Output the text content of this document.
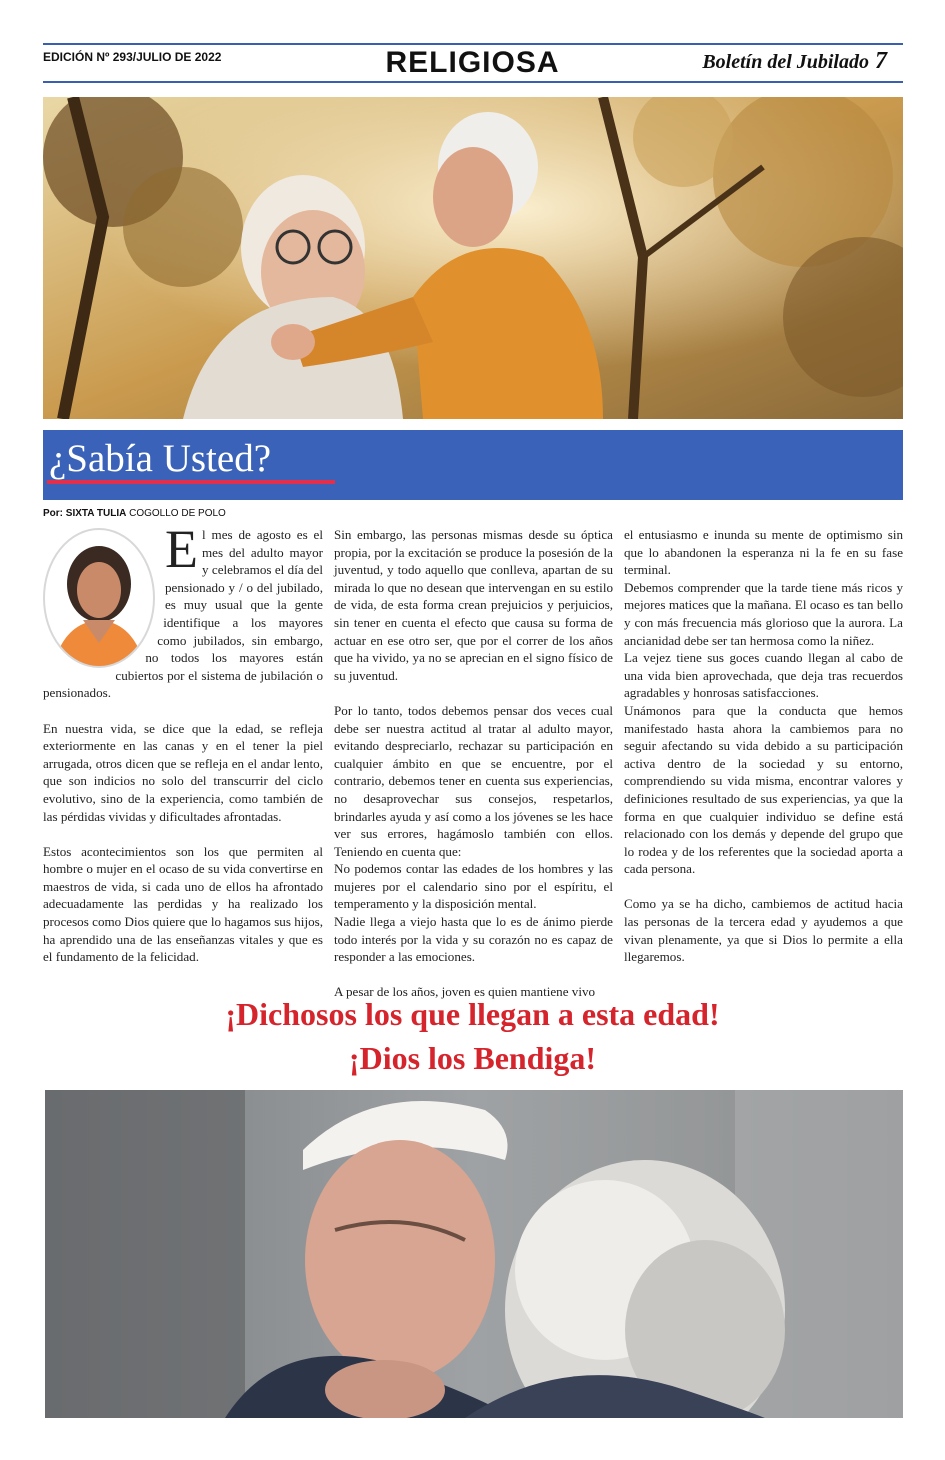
EDICIÓN Nº 293/JULIO DE 2022	RELIGIOSA	Boletín del Jubilado 7
¿Sabía Usted?
Por: SIXTA TULIA COGOLLO DE POLO

El mes de agosto es el mes del adulto mayor y celebramos el día del pensionado y / o del jubilado, es muy usual que la gente identifique a los mayores como jubilados, sin embargo, no todos los mayores están cubiertos por el sistema de jubilación o pensionados.

En nuestra vida, se dice que la edad, se refleja exteriormente en las canas y en el tener la piel arrugada, otros dicen que se refleja en el andar lento, que son indicios no solo del transcurrir del ciclo evolutivo, sino de la experiencia, como también de las pérdidas vividas y dificultades afrontadas.

Estos acontecimientos son los que permiten al hombre o mujer en el ocaso de su vida convertirse en maestros de vida, si cada uno de ellos ha afrontado adecuadamente las perdidas y ha realizado los procesos como Dios quiere que lo hagamos sus hijos, ha aprendido una de las enseñanzas vitales y que es el fundamento de la felicidad.

Sin embargo, las personas mismas desde su óptica propia, por la excitación se produce la posesión de la juventud, y todo aquello que conlleva, apartan de su mirada lo que no desean que intervengan en su estilo de vida, de esta forma crean prejuicios y perjuicios, sin tener en cuenta el efecto que causa su forma de actuar en ese otro ser, que por el correr de los años que ha vivido, ya no se aprecian en el signo físico de su juventud.

Por lo tanto, todos debemos pensar dos veces cual debe ser nuestra actitud al tratar al adulto mayor, evitando despreciarlo, rechazar su participación en cualquier ámbito en que se encuentre, por el contrario, debemos tener en cuenta sus experiencias, no desaprovechar sus consejos, respetarlos, brindarles ayuda y así como a los jóvenes se les hace ver sus errores, hagámoslo también con ellos. Teniendo en cuenta que:

No podemos contar las edades de los hombres y las mujeres por el calendario sino por el espíritu, el temperamento y la disposición mental.

Nadie llega a viejo hasta que lo es de ánimo pierde todo interés por la vida y su corazón no es capaz de responder a las emociones.

A pesar de los años, joven es quien mantiene vivo

el entusiasmo e inunda su mente de optimismo sin que lo abandonen la esperanza ni la fe en su fase terminal.

Debemos comprender que la tarde tiene más ricos y mejores matices que la mañana. El ocaso es tan bello y con más frecuencia más glorioso que la aurora. La ancianidad debe ser tan hermosa como la niñez.

La vejez tiene sus goces cuando llegan al cabo de una vida bien aprovechada, que deja tras recuerdos agradables y honrosas satisfacciones.

Unámonos para que la conducta que hemos manifestado hasta ahora la cambiemos para no seguir afectando su vida debido a su participación activa dentro de la sociedad y su entorno, comprendiendo su vida misma, encontrar valores y definiciones resultado de sus experiencias, ya que la forma en que cualquier individuo se define está relacionado con los demás y depende del grupo que lo rodea y de los referentes que la sociedad aporta a cada persona.

Como ya se ha dicho, cambiemos de actitud hacia las personas de la tercera edad y ayudemos a que vivan plenamente, ya que si Dios lo permite a ella llegaremos.

¡Dichosos los que llegan a esta edad!
¡Dios los Bendiga!
